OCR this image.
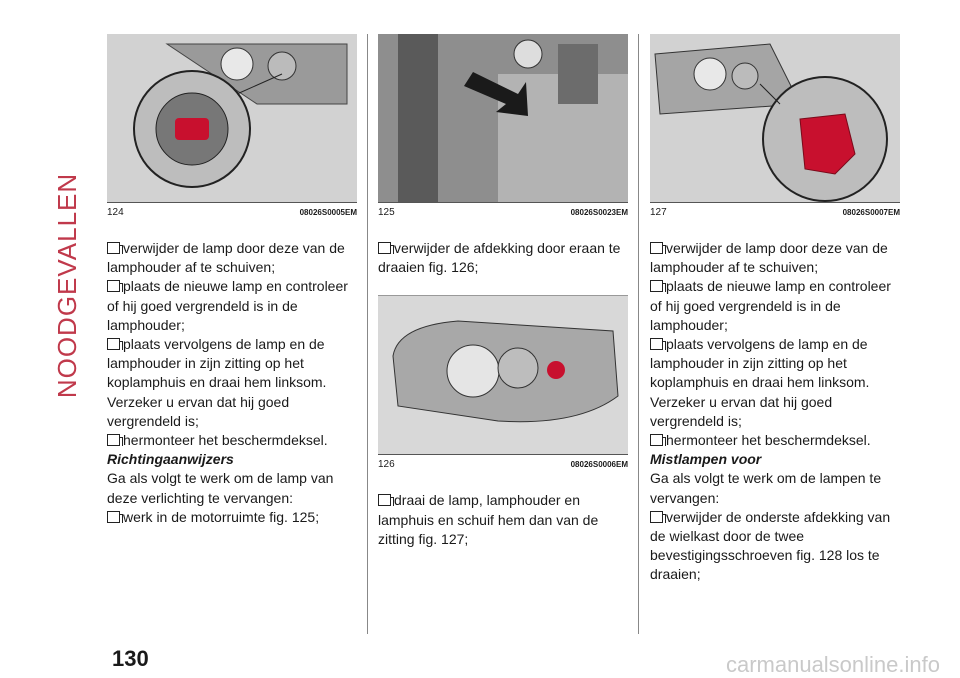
NOODGEVALLEN 124	08026S0005EM

verwijder de lamp door deze van de lamphouder af te schuiven;

plaats de nieuwe lamp en controleer of hij goed vergrendeld is in de lamphouder;

plaats vervolgens de lamp en de lamphouder in zijn zitting op het koplamphuis en draai hem linksom.

Verzeker u ervan dat hij goed vergrendeld is;

hermonteer het beschermdeksel.

Richtingaanwijzers

Ga als volgt te werk om de lamp van deze verlichting te vervangen:

werk in de motorruimte fig. 125;

125	08026S0023EM

verwijder de afdekking door eraan te draaien fig. 126;

126	08026S0006EM

draai de lamp, lamphouder en lamphuis en schuif hem dan van de zitting fig. 127;

127	08026S0007EM

verwijder de lamp door deze van de lamphouder af te schuiven;

plaats de nieuwe lamp en controleer of hij goed vergrendeld is in de lamphouder;

plaats vervolgens de lamp en de lamphouder in zijn zitting op het koplamphuis en draai hem linksom.

Verzeker u ervan dat hij goed vergrendeld is;

hermonteer het beschermdeksel.

Mistlampen voor

Ga als volgt te werk om de lampen te vervangen:

verwijder de onderste afdekking van de wielkast door de twee bevestigingsschroeven fig. 128 los te draaien;

130	carmanualsonline.info
